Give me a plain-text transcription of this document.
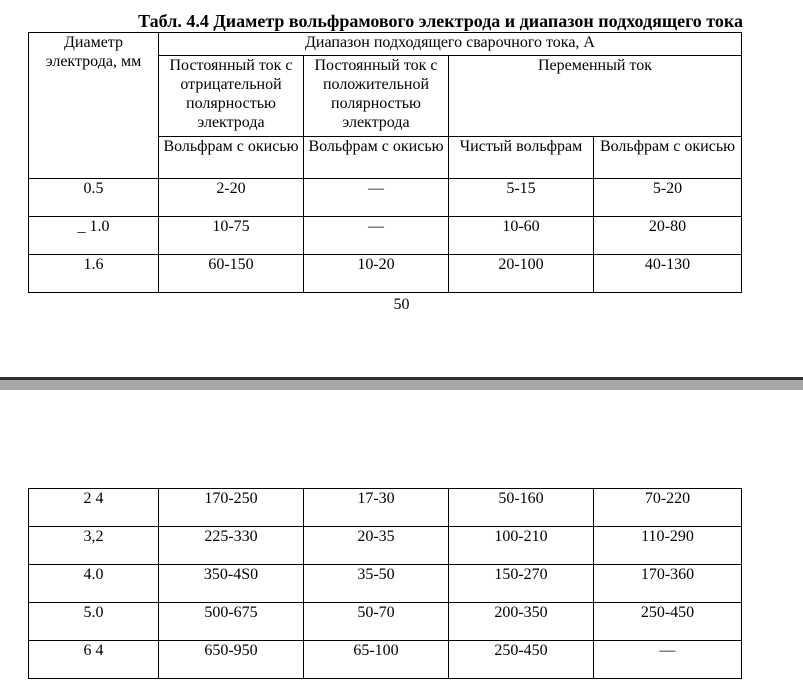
Табл. 4.4 Диаметр вольфрамового электрода и диапазон подходящего тока
Диаметр электрода, мм	Диапазон подходящего сварочного тока, А			
	Постоянный ток с отрицательной полярностью электрода	Постоянный ток с положительной полярностью электрода	Переменный ток	
	Вольфрам с окисью	Вольфрам с окисью	Чистый вольфрам	Вольфрам с окисью
0.5	2-20	—	5-15	5-20
_ 1.0	10-75	—	10-60	20-80
1.6	60-150	10-20	20-100	40-130
50
2 4	170-250	17-30	50-160	70-220
3,2	225-330	20-35	100-210	110-290
4.0	350-4S0	35-50	150-270	170-360
5.0	500-675	50-70	200-350	250-450
6 4	650-950	65-100	250-450	—
